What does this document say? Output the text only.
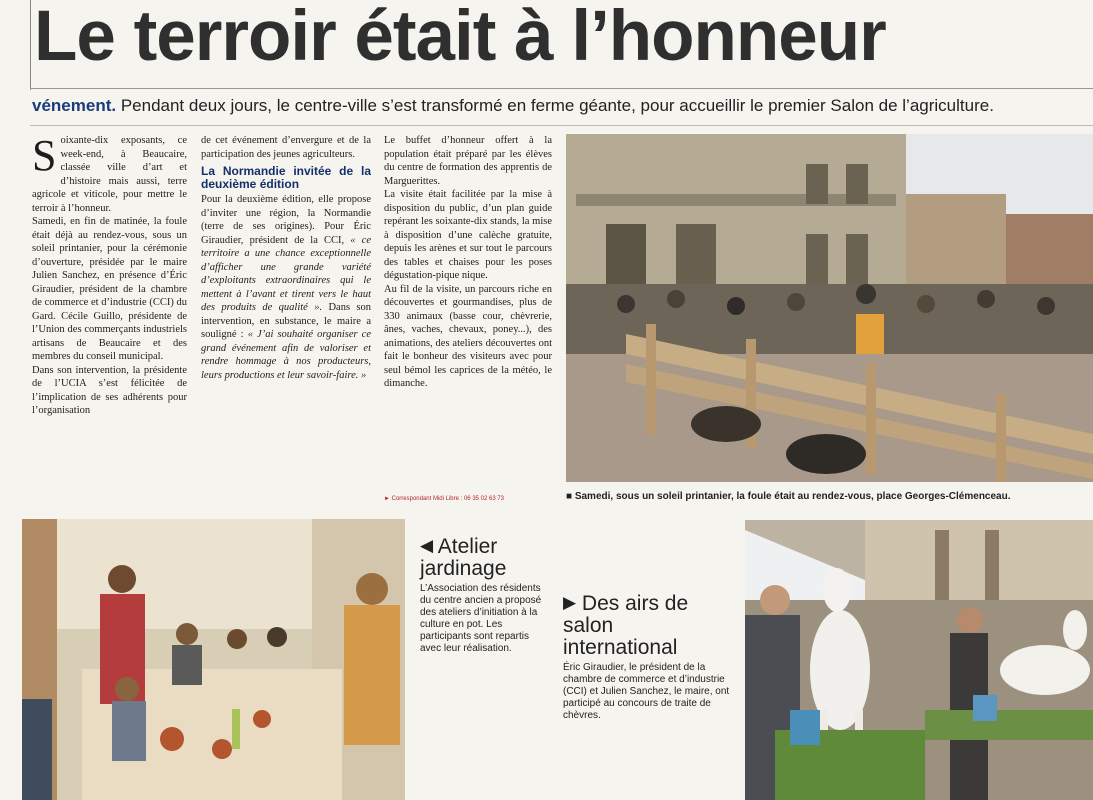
Le terroir était à l’honneur
vénement. Pendant deux jours, le centre-ville s’est transformé en ferme géante, pour accueillir le premier Salon de l’agriculture.

Soixante-dix exposants, ce week-end, à Beaucaire, classée ville d’art et d’histoire mais aussi, terre agricole et viticole, pour mettre le terroir à l’honneur.

Samedi, en fin de matinée, la foule était déjà au rendez-vous, sous un soleil printanier, pour la cérémonie d’ouverture, présidée par le maire Julien Sanchez, en présence d’Éric Giraudier, président de la chambre de commerce et d’industrie (CCI) du Gard. Cécile Guillo, présidente de l’Union des commerçants industriels artisans de Beaucaire et des membres du conseil municipal.

Dans son intervention, la présidente de l’UCIA s’est félicitée de l’implication de ses adhérents pour l’organisation

de cet événement d’envergure et de la participation des jeunes agriculteurs.

La Normandie invitée de la deuxième édition

Pour la deuxième édition, elle propose d’inviter une région, la Normandie (terre de ses origines). Pour Éric Giraudier, président de la CCI, « ce territoire a une chance exceptionnelle d’afficher une grande variété d’exploitants extraordinaires qui le mettent à l’avant et tirent vers le haut des produits de qualité ». Dans son intervention, en substance, le maire a souligné : « J’ai souhaité organiser ce grand événement afin de valoriser et rendre hommage à nos producteurs, leurs productions et leur savoir-faire. »

Le buffet d’honneur offert à la population était préparé par les élèves du centre de formation des apprentis de Marguerittes.

La visite était facilitée par la mise à disposition du public, d’un plan guide repérant les soixante-dix stands, la mise à disposition d’une calèche gratuite, depuis les arènes et sur tout le parcours des tables et chaises pour les poses dégustation-pique nique.

Au fil de la visite, un parcours riche en découvertes et gourmandises, plus de 330 animaux (basse cour, chèvrerie, ânes, vaches, chevaux, poney...), des animations, des ateliers découvertes ont fait le bonheur des visiteurs avec pour seul bémol les caprices de la météo, le dimanche.

► Correspondant Midi Libre : 06 35 02 63 73	■ Samedi, sous un soleil printanier, la foule était au rendez-vous, place Georges-Clémenceau.
◀ Atelier jardinage
L’Association des résidents du centre ancien a proposé des ateliers d’initiation à la culture en pot. Les participants sont repartis avec leur réalisation.
▶ Des airs de salon international
Éric Giraudier, le président de la chambre de commerce et d’industrie (CCI) et Julien Sanchez, le maire, ont participé au concours de traite de chèvres.
